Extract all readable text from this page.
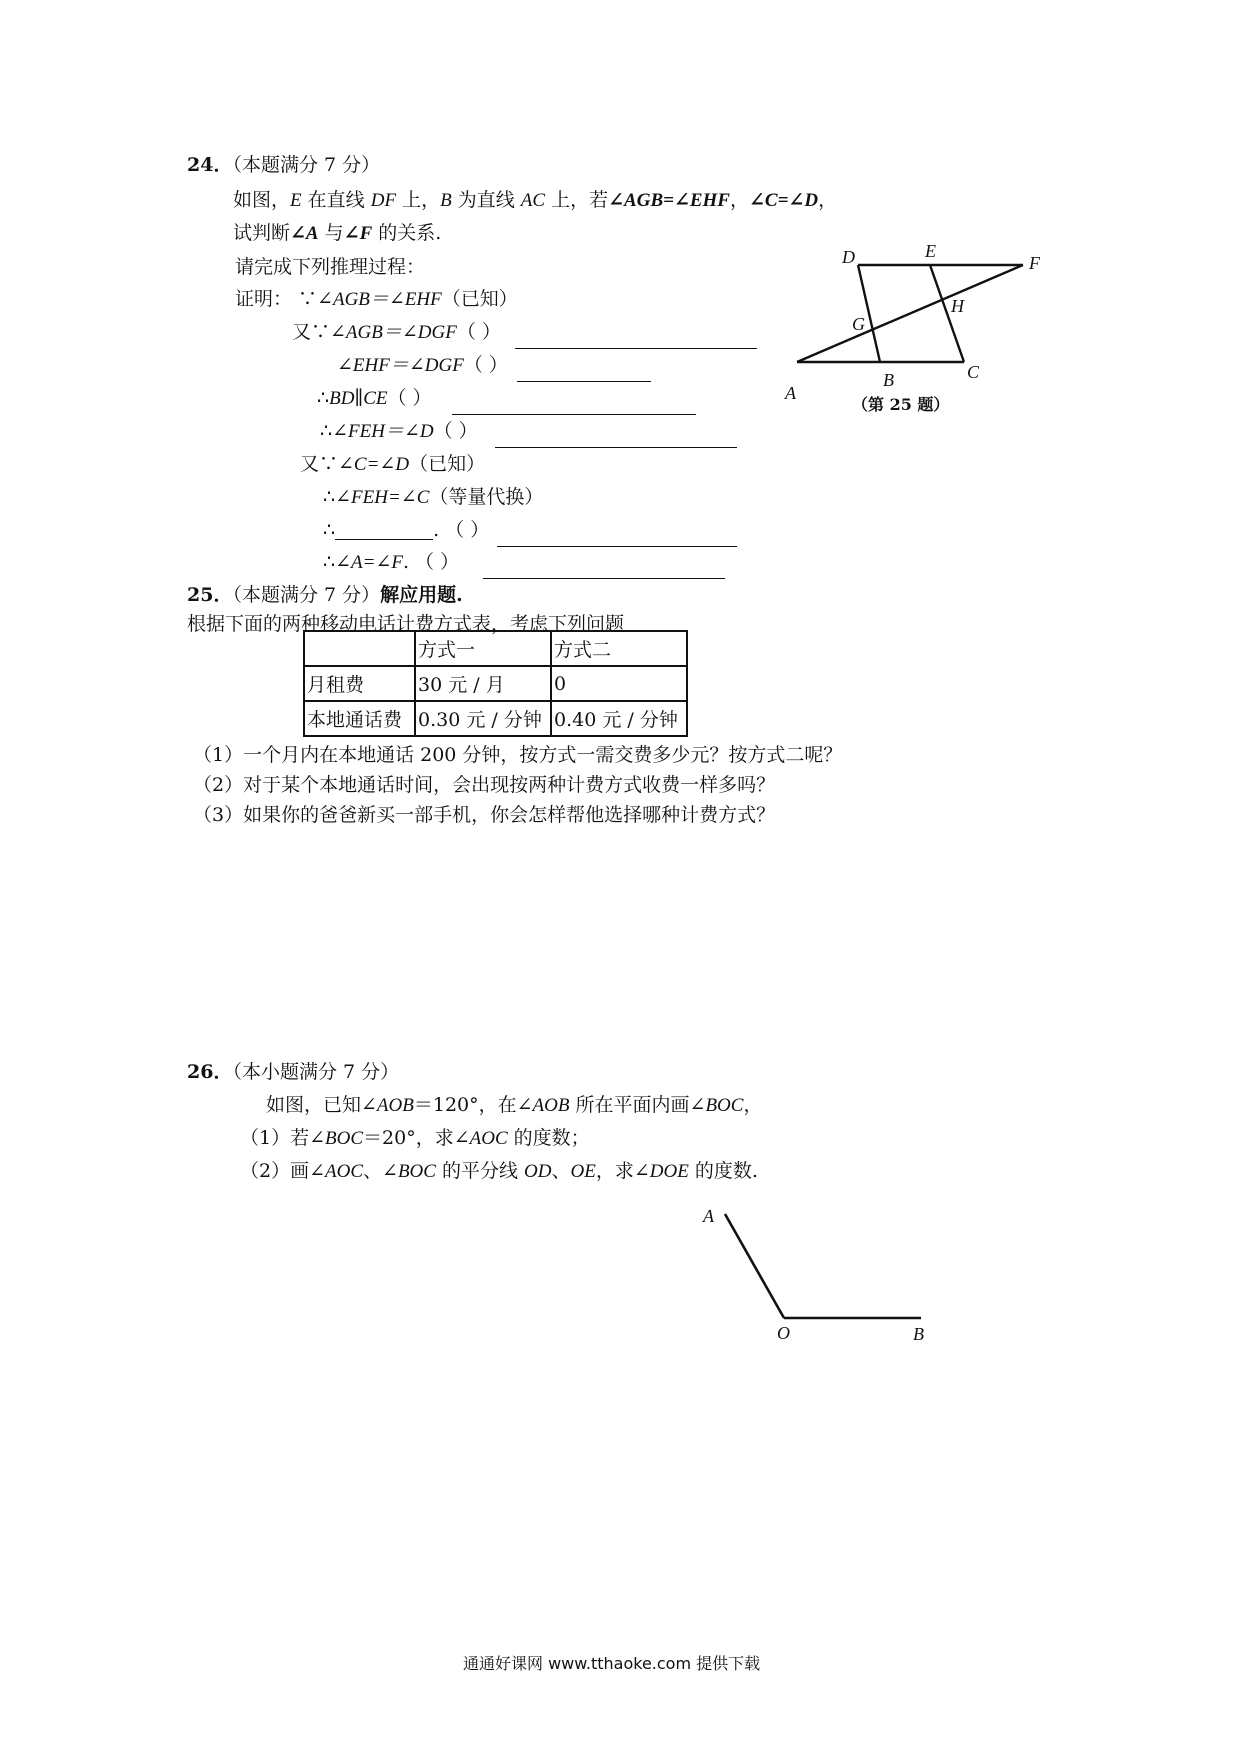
24．（本题满分 7 分）
如图，E 在直线 DF 上，B 为直线 AC 上，若∠AGB=∠EHF，∠C=∠D，
试判断∠A 与∠F 的关系.
请完成下列推理过程：
证明： ∵∠AGB＝∠EHF（已知）
又∵∠AGB＝∠DGF（ ）
∠EHF＝∠DGF（ ）
∴BD∥CE（ ）
∴∠FEH＝∠D（ ）
又∵∠C=∠D（已知）
∴∠FEH=∠C（等量代换）
∴	. （ ）
∴∠A=∠F. （ ）
D	E
F
G
H
A
B	C
（第 25 题）
25．（本题满分 7 分）解应用题.
根据下面的两种移动电话计费方式表，考虑下列问题
	方式一	方式二
月租费	30 元 / 月	0
本地通话费	0.30 元 / 分钟	0.40 元 / 分钟
（1）一个月内在本地通话 200 分钟，按方式一需交费多少元？按方式二呢？
（2）对于某个本地通话时间，会出现按两种计费方式收费一样多吗？
（3）如果你的爸爸新买一部手机，你会怎样帮他选择哪种计费方式？
26．（本小题满分 7 分）
如图，已知∠AOB＝120°，在∠AOB 所在平面内画∠BOC，
（1）若∠BOC＝20°，求∠AOC 的度数；
（2）画∠AOC、∠BOC 的平分线 OD、OE，求∠DOE 的度数.
A
O	B
通通好课网 www.tthaoke.com 提供下载
